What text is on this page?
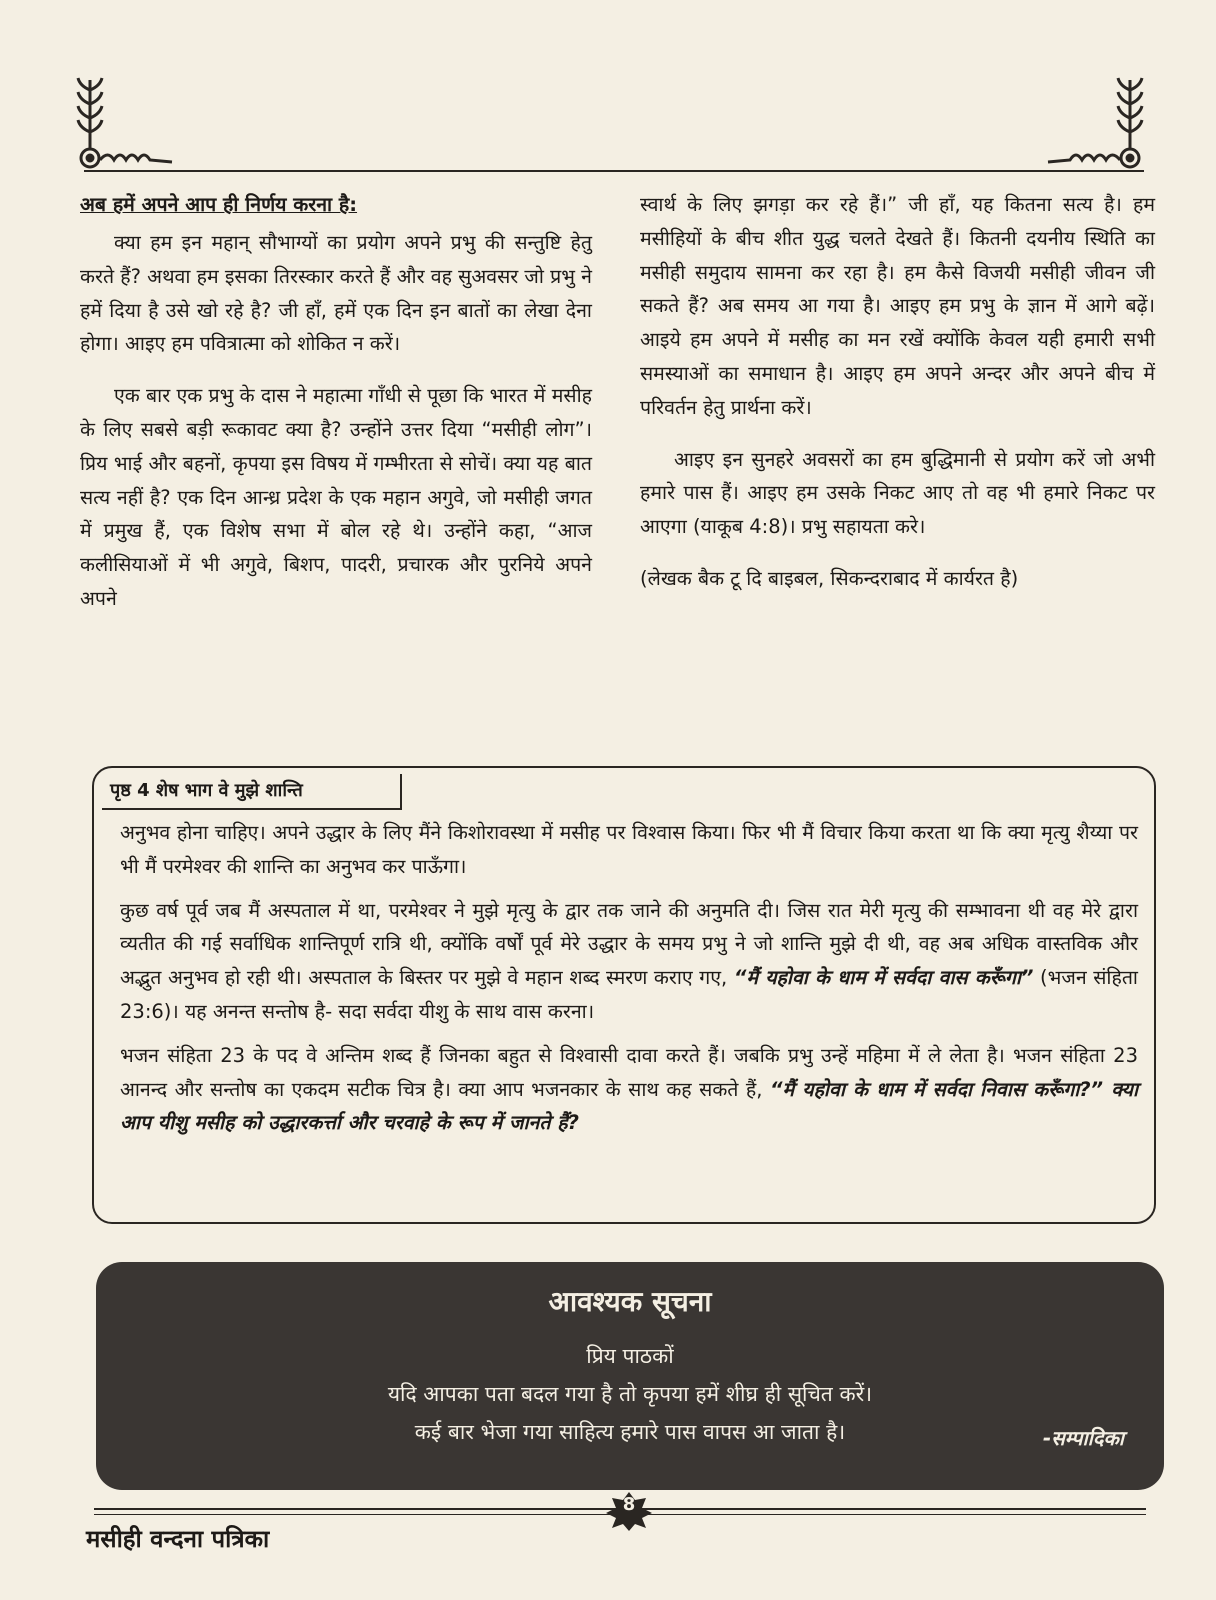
अब हमें अपने आप ही निर्णय करना है:

क्या हम इन महान् सौभाग्यों का प्रयोग अपने प्रभु की सन्तुष्टि हेतु करते हैं? अथवा हम इसका तिरस्कार करते हैं और वह सुअवसर जो प्रभु ने हमें दिया है उसे खो रहे है? जी हाँ, हमें एक दिन इन बातों का लेखा देना होगा। आइए हम पवित्रात्मा को शोकित न करें।

एक बार एक प्रभु के दास ने महात्मा गाँधी से पूछा कि भारत में मसीह के लिए सबसे बड़ी रूकावट क्या है? उन्होंने उत्तर दिया “मसीही लोग”। प्रिय भाई और बहनों, कृपया इस विषय में गम्भीरता से सोचें। क्या यह बात सत्य नहीं है? एक दिन आन्ध्र प्रदेश के एक महान अगुवे, जो मसीही जगत में प्रमुख हैं, एक विशेष सभा में बोल रहे थे। उन्होंने कहा, “आज कलीसियाओं में भी अगुवे, बिशप, पादरी, प्रचारक और पुरनिये अपने अपने

स्वार्थ के लिए झगड़ा कर रहे हैं।” जी हाँ, यह कितना सत्य है। हम मसीहियों के बीच शीत युद्ध चलते देखते हैं। कितनी दयनीय स्थिति का मसीही समुदाय सामना कर रहा है। हम कैसे विजयी मसीही जीवन जी सकते हैं? अब समय आ गया है। आइए हम प्रभु के ज्ञान में आगे बढ़ें। आइये हम अपने में मसीह का मन रखें क्योंकि केवल यही हमारी सभी समस्याओं का समाधान है। आइए हम अपने अन्दर और अपने बीच में परिवर्तन हेतु प्रार्थना करें।

आइए इन सुनहरे अवसरों का हम बुद्धिमानी से प्रयोग करें जो अभी हमारे पास हैं। आइए हम उसके निकट आए तो वह भी हमारे निकट पर आएगा (याकूब 4:8)। प्रभु सहायता करे।

(लेखक बैक टू दि बाइबल, सिकन्दराबाद में कार्यरत है)

पृष्ठ 4 शेष भाग वे मुझे शान्ति

अनुभव होना चाहिए। अपने उद्धार के लिए मैंने किशोरावस्था में मसीह पर विश्वास किया। फिर भी मैं विचार किया करता था कि क्या मृत्यु शैय्या पर भी मैं परमेश्वर की शान्ति का अनुभव कर पाऊँगा।

कुछ वर्ष पूर्व जब मैं अस्पताल में था, परमेश्वर ने मुझे मृत्यु के द्वार तक जाने की अनुमति दी। जिस रात मेरी मृत्यु की सम्भावना थी वह मेरे द्वारा व्यतीत की गई सर्वाधिक शान्तिपूर्ण रात्रि थी, क्योंकि वर्षों पूर्व मेरे उद्धार के समय प्रभु ने जो शान्ति मुझे दी थी, वह अब अधिक वास्तविक और अद्भुत अनुभव हो रही थी। अस्पताल के बिस्तर पर मुझे वे महान शब्द स्मरण कराए गए, “मैं यहोवा के धाम में सर्वदा वास करूँगा” (भजन संहिता 23:6)। यह अनन्त सन्तोष है- सदा सर्वदा यीशु के साथ वास करना।

भजन संहिता 23 के पद वे अन्तिम शब्द हैं जिनका बहुत से विश्वासी दावा करते हैं। जबकि प्रभु उन्हें महिमा में ले लेता है। भजन संहिता 23 आनन्द और सन्तोष का एकदम सटीक चित्र है। क्या आप भजनकार के साथ कह सकते हैं, “मैं यहोवा के धाम में सर्वदा निवास करूँगा?” क्या आप यीशु मसीह को उद्धारकर्त्ता और चरवाहे के रूप में जानते हैं?

आवश्यक सूचना
प्रिय पाठकों
यदि आपका पता बदल गया है तो कृपया हमें शीघ्र ही सूचित करें।
कई बार भेजा गया साहित्य हमारे पास वापस आ जाता है।	-सम्पादिका
मसीही वन्दना पत्रिका
8
